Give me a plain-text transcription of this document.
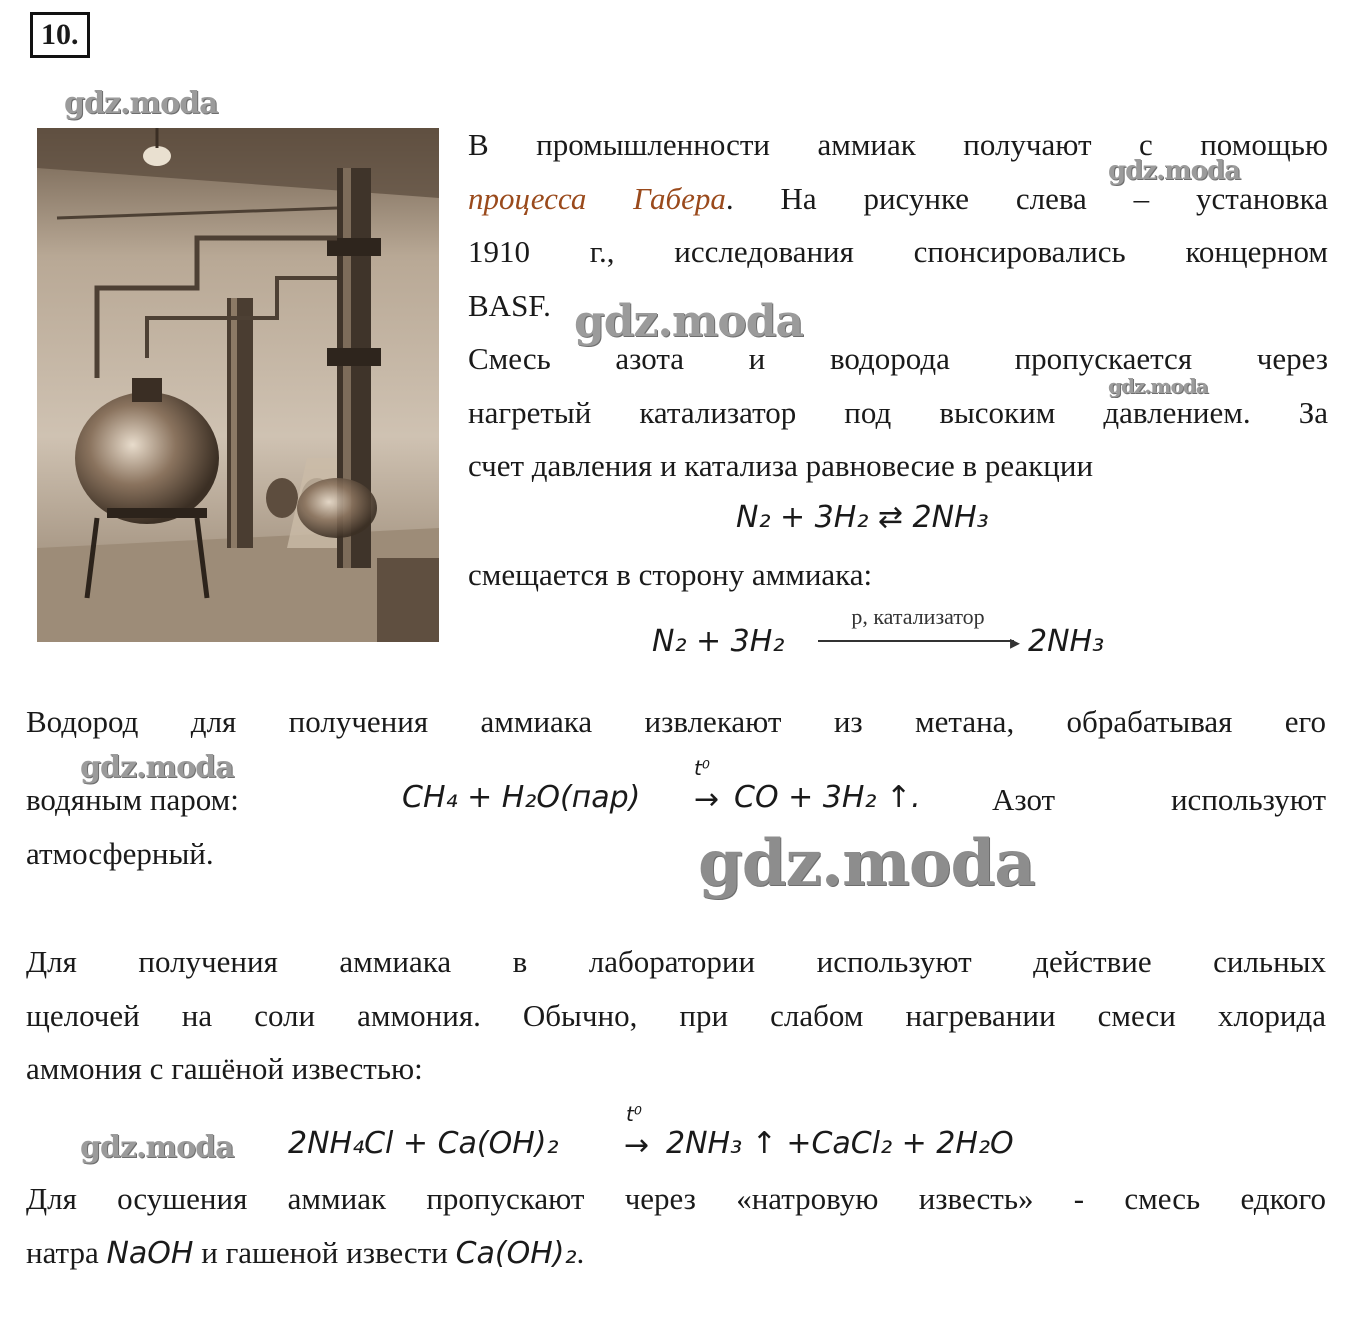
10.
gdz.moda
gdz.moda
gdz.moda
gdz.moda
gdz.moda
gdz.moda
gdz.moda
В промышленности аммиак получают с помощью
процесса Габера. На рисунке слева – установка
1910 г., исследования спонсировались концерном
BASF.
Смесь азота и водорода пропускается через
нагретый катализатор под высоким давлением. За
счет давления и катализа равновесие в реакции
N₂ + 3H₂ ⇄ 2NH₃
смещается в сторону аммиака:
N₂ + 3H₂
p, катализатор
▸ 2NH₃
Водород для получения аммиака извлекают из метана, обрабатывая его
водяным паром:	CH₄ + H₂O(пар)
t⁰
→ CO + 3H₂ ↑. Азот используют
атмосферный.
Для получения аммиака в лаборатории используют действие сильных
щелочей на соли аммония. Обычно, при слабом нагревании смеси хлорида
аммония с гашёной известью:
2NH₄Cl + Ca(OH)₂
t⁰
→ 2NH₃ ↑ +CaCl₂ + 2H₂O
Для осушения аммиак пропускают через «натровую известь» - смесь едкого
натра NaOH и гашеной извести Ca(OH)₂.
